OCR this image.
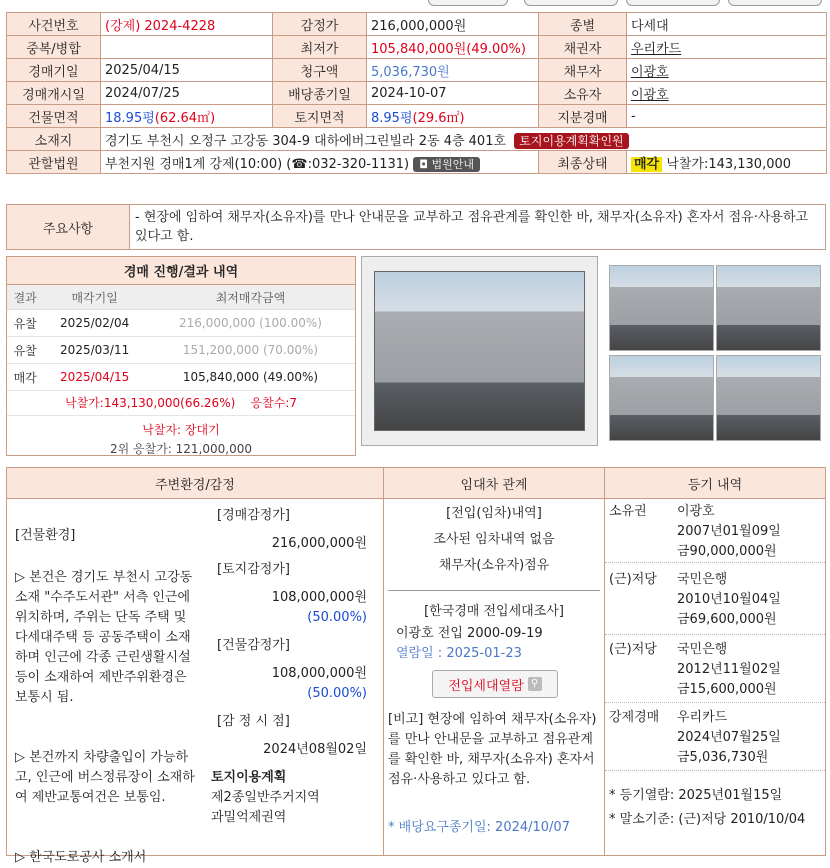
사건번호	(강제) 2024-4228	감정가	216,000,000원	종별	다세대
중복/병합		최저가	105,840,000원(49.00%)	채권자	우리카드
경매기일	2025/04/15	청구액	5,036,730원	채무자	이광호
경매개시일	2024/07/25	배당종기일	2024-10-07	소유자	이광호
건물면적	18.95평(62.64㎡)	토지면적	8.95평(29.6㎡)	지분경매	-
소재지	경기도 부천시 오정구 고강동 304-9 대하에버그린빌라 2동 4층 401호 토지이용계획확인원				
관할법원	부천지원 경매1계 강제(10:00) (☎:032-320-1131) ◘ 법원안내			최종상태	매각 낙찰가:143,130,000
주요사항
- 현장에 임하여 채무자(소유자)를 만나 안내문을 교부하고 점유관계를 확인한 바, 채무자(소유자) 혼자서 점유·사용하고 있다고 함.
경매 진행/결과 내역
결과	매각기일	최저매각금액
유찰	2025/02/04	216,000,000 (100.00%)
유찰	2025/03/11	151,200,000 (70.00%)
매각	2025/04/15	105,840,000 (49.00%)
낙찰가:143,130,000(66.26%)    응찰수:7
낙찰자: 장대기
2위 응찰가: 121,000,000
주변환경/감정
[건물환경]
▷ 본건은 경기도 부천시 고강동 소재 "수주도서관" 서측 인근에 위치하며, 주위는 단독 주택 및 다세대주택 등 공동주택이 소재하며 인근에 각종 근린생활시설 등이 소재하여 제반주위환경은 보통시 됨.
▷ 본건까지 차량출입이 가능하고, 인근에 버스정류장이 소재하여 제반교통여건은 보통임.
▷ 한국도로공사 소개서
[경매감정가]
216,000,000원
[토지감정가]
108,000,000원
(50.00%)
[건물감정가]
108,000,000원
(50.00%)
[감 정 시 점]
2024년08월02일
토지이용계획
제2종일반주거지역
과밀억제권역
임대차 관계
[전입(임차)내역]
조사된 임차내역 없음
채무자(소유자)점유
[한국경매 전입세대조사]
이광호 전입 2000-09-19
열람일 : 2025-01-23
전입세대열람 ⚲
[비고] 현장에 임하여 채무자(소유자)를 만나 안내문을 교부하고 점유관계를 확인한 바, 채무자(소유자) 혼자서 점유·사용하고 있다고 함.
* 배당요구종기일: 2024/10/07
등기 내역
소유권 이광호
2007년01월09일
금90,000,000원
(근)저당 국민은행
2010년10월04일
금69,600,000원
(근)저당 국민은행
2012년11월02일
금15,600,000원
강제경매 우리카드
2024년07월25일
금5,036,730원
* 등기열람: 2025년01월15일
* 말소기준: (근)저당 2010/10/04
